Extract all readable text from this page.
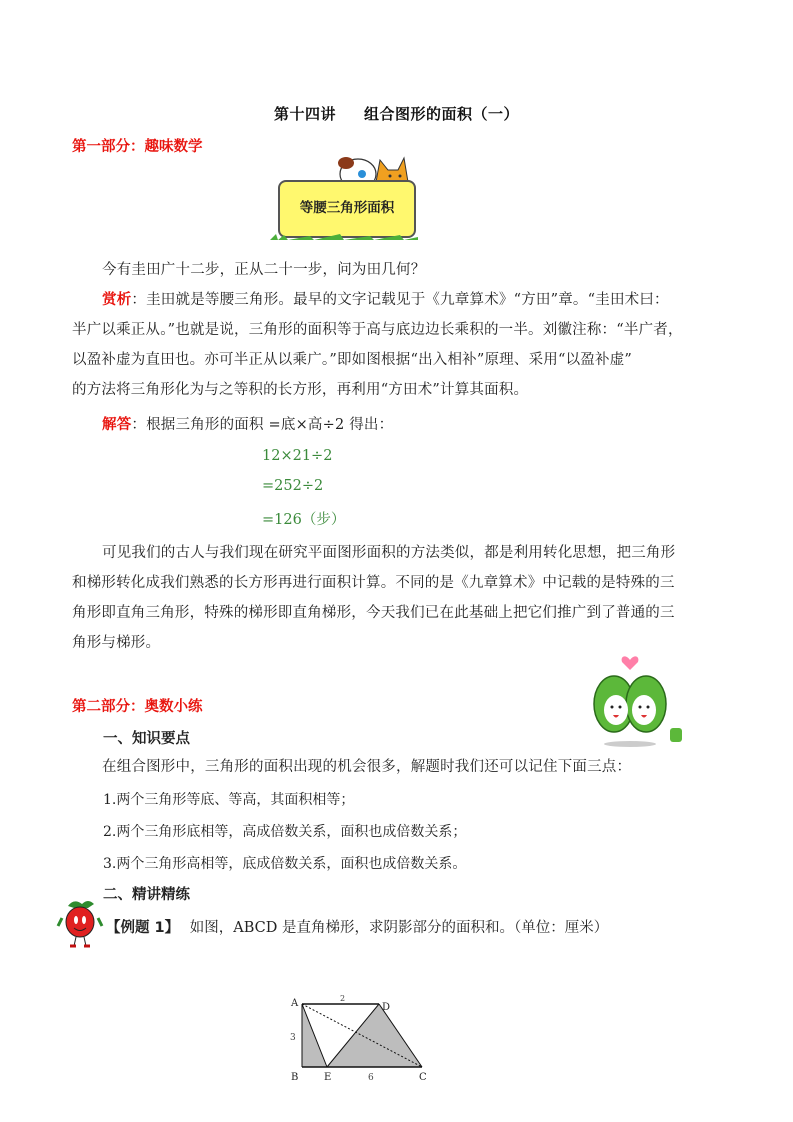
第十四讲 组合图形的面积（一）
第一部分：趣味数学
等腰三角形面积
今有圭田广十二步，正从二十一步，问为田几何？
赏析：圭田就是等腰三角形。最早的文字记载见于《九章算术》“方田”章。“圭田术曰：
半广以乘正从。”也就是说，三角形的面积等于高与底边边长乘积的一半。刘徽注称：“半广者，
以盈补虚为直田也。亦可半正从以乘广。”即如图根据“出入相补”原理、采用“以盈补虚”
的方法将三角形化为与之等积的长方形，再利用“方田术”计算其面积。
解答：根据三角形的面积 =底×高÷2 得出：
12×21÷2
=252÷2
=126（步）
可见我们的古人与我们现在研究平面图形面积的方法类似，都是利用转化思想，把三角形
和梯形转化成我们熟悉的长方形再进行面积计算。不同的是《九章算术》中记载的是特殊的三
角形即直角三角形，特殊的梯形即直角梯形，今天我们已在此基础上把它们推广到了普通的三
角形与梯形。
第二部分：奥数小练
一、知识要点
在组合图形中，三角形的面积出现的机会很多，解题时我们还可以记住下面三点：
1.两个三角形等底、等高，其面积相等；
2.两个三角形底相等，高成倍数关系，面积也成倍数关系；
3.两个三角形高相等，底成倍数关系，面积也成倍数关系。
二、精讲精练
【例题 1】 如图，ABCD 是直角梯形，求阴影部分的面积和。（单位：厘米）
A	D
B	E	C
2
3
6
